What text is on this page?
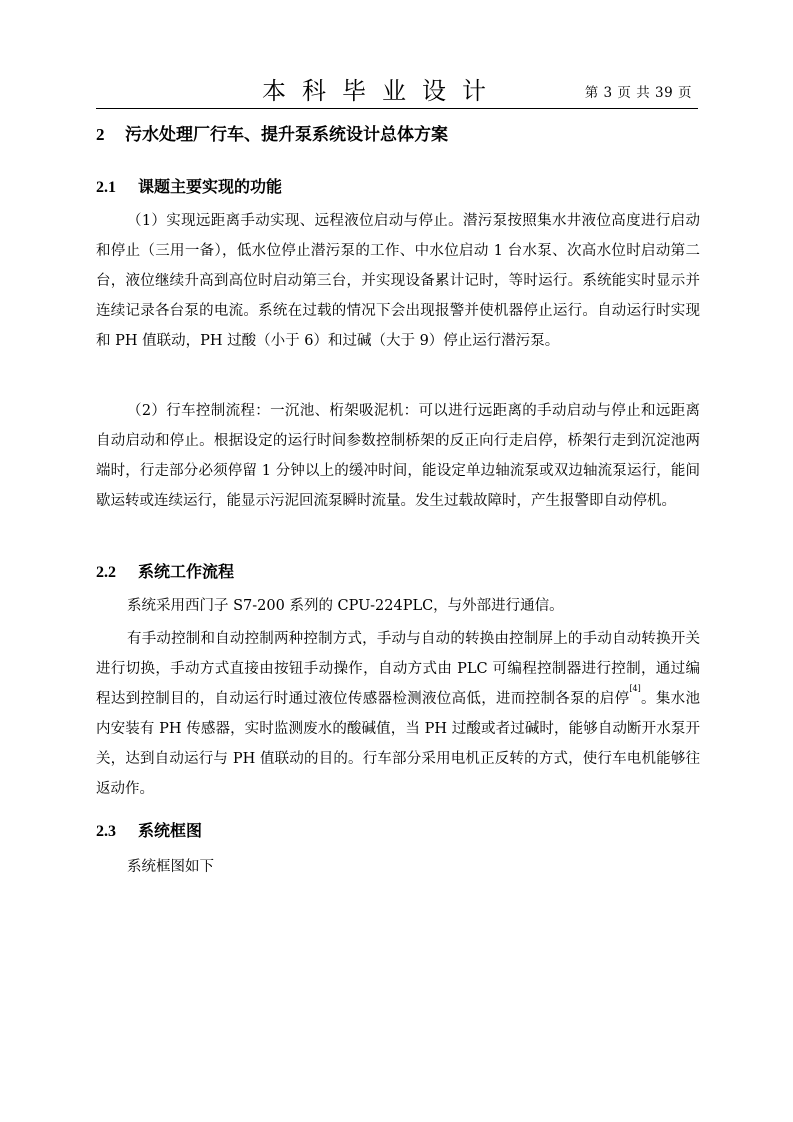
本科毕业设计	第 3 页 共 39 页
2 污水处理厂行车、提升泵系统设计总体方案
2.1 课题主要实现的功能

（1）实现远距离手动实现、远程液位启动与停止。潜污泵按照集水井液位高度进行启动和停止（三用一备），低水位停止潜污泵的工作、中水位启动 1 台水泵、次高水位时启动第二台，液位继续升高到高位时启动第三台，并实现设备累计记时，等时运行。系统能实时显示并连续记录各台泵的电流。系统在过载的情况下会出现报警并使机器停止运行。自动运行时实现和 PH 值联动，PH 过酸（小于 6）和过碱（大于 9）停止运行潜污泵。

（2）行车控制流程：一沉池、桁架吸泥机：可以进行远距离的手动启动与停止和远距离自动启动和停止。根据设定的运行时间参数控制桥架的反正向行走启停，桥架行走到沉淀池两端时，行走部分必须停留 1 分钟以上的缓冲时间，能设定单边轴流泵或双边轴流泵运行，能间歇运转或连续运行，能显示污泥回流泵瞬时流量。发生过载故障时，产生报警即自动停机。

2.2 系统工作流程

系统采用西门子 S7-200 系列的 CPU-224PLC，与外部进行通信。

有手动控制和自动控制两种控制方式，手动与自动的转换由控制屏上的手动自动转换开关进行切换，手动方式直接由按钮手动操作，自动方式由 PLC 可编程控制器进行控制，通过编程达到控制目的，自动运行时通过液位传感器检测液位高低，进而控制各泵的启停[4]。集水池内安装有 PH 传感器，实时监测废水的酸碱值，当 PH 过酸或者过碱时，能够自动断开水泵开关，达到自动运行与 PH 值联动的目的。行车部分采用电机正反转的方式，使行车电机能够往返动作。

2.3 系统框图

系统框图如下
